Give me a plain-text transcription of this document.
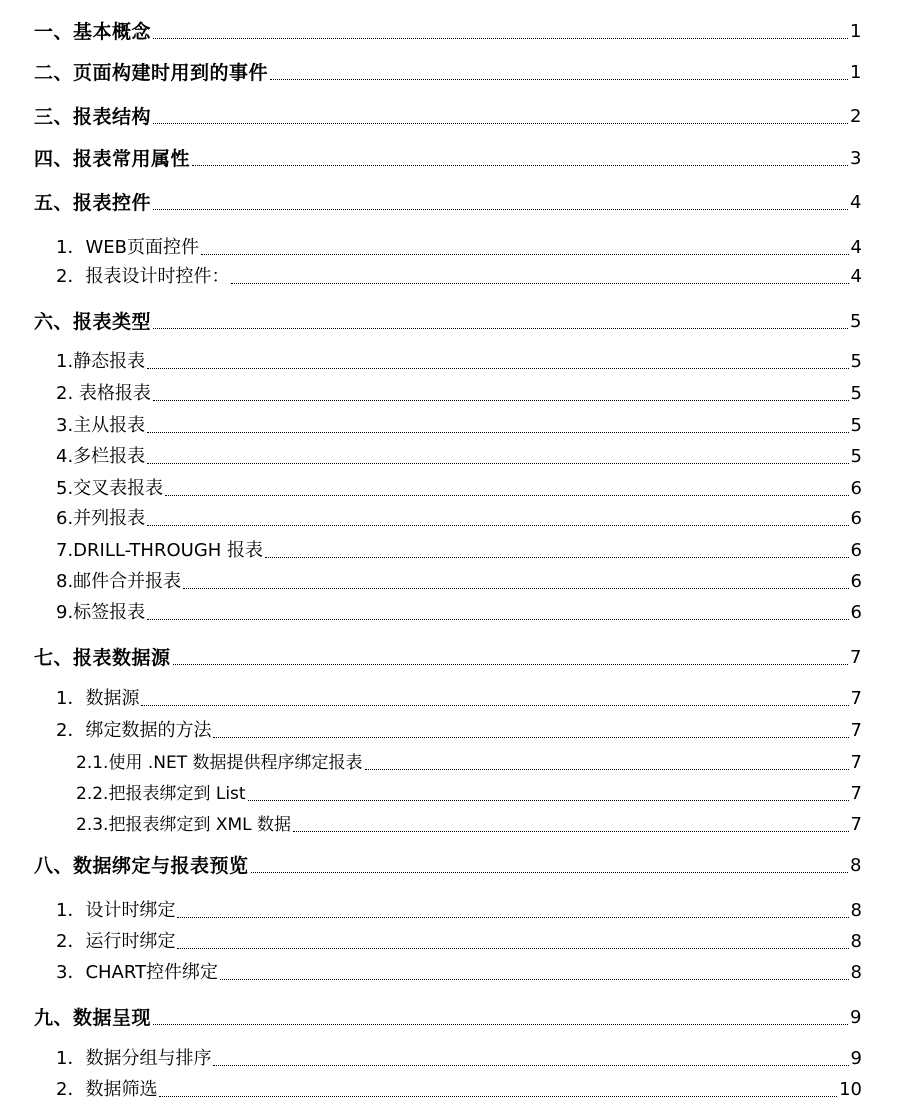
一、基本概念	1
二、页面构建时用到的事件	1
三、报表结构	2
四、报表常用属性	3
五、报表控件	4
1．WEB页面控件	4
2．报表设计时控件：	4
六、报表类型	5
1.静态报表	5
2. 表格报表	5
3.主从报表	5
4.多栏报表	5
5.交叉表报表	6
6.并列报表	6
7.DRILL-THROUGH 报表	6
8.邮件合并报表	6
9.标签报表	6
七、报表数据源	7
1．数据源	7
2．绑定数据的方法	7
2.1.使用 .NET 数据提供程序绑定报表	7
2.2.把报表绑定到 List	7
2.3.把报表绑定到 XML 数据	7
八、数据绑定与报表预览	8
1．设计时绑定	8
2．运行时绑定	8
3．CHART控件绑定	8
九、数据呈现	9
1．数据分组与排序	9
2．数据筛选	10
